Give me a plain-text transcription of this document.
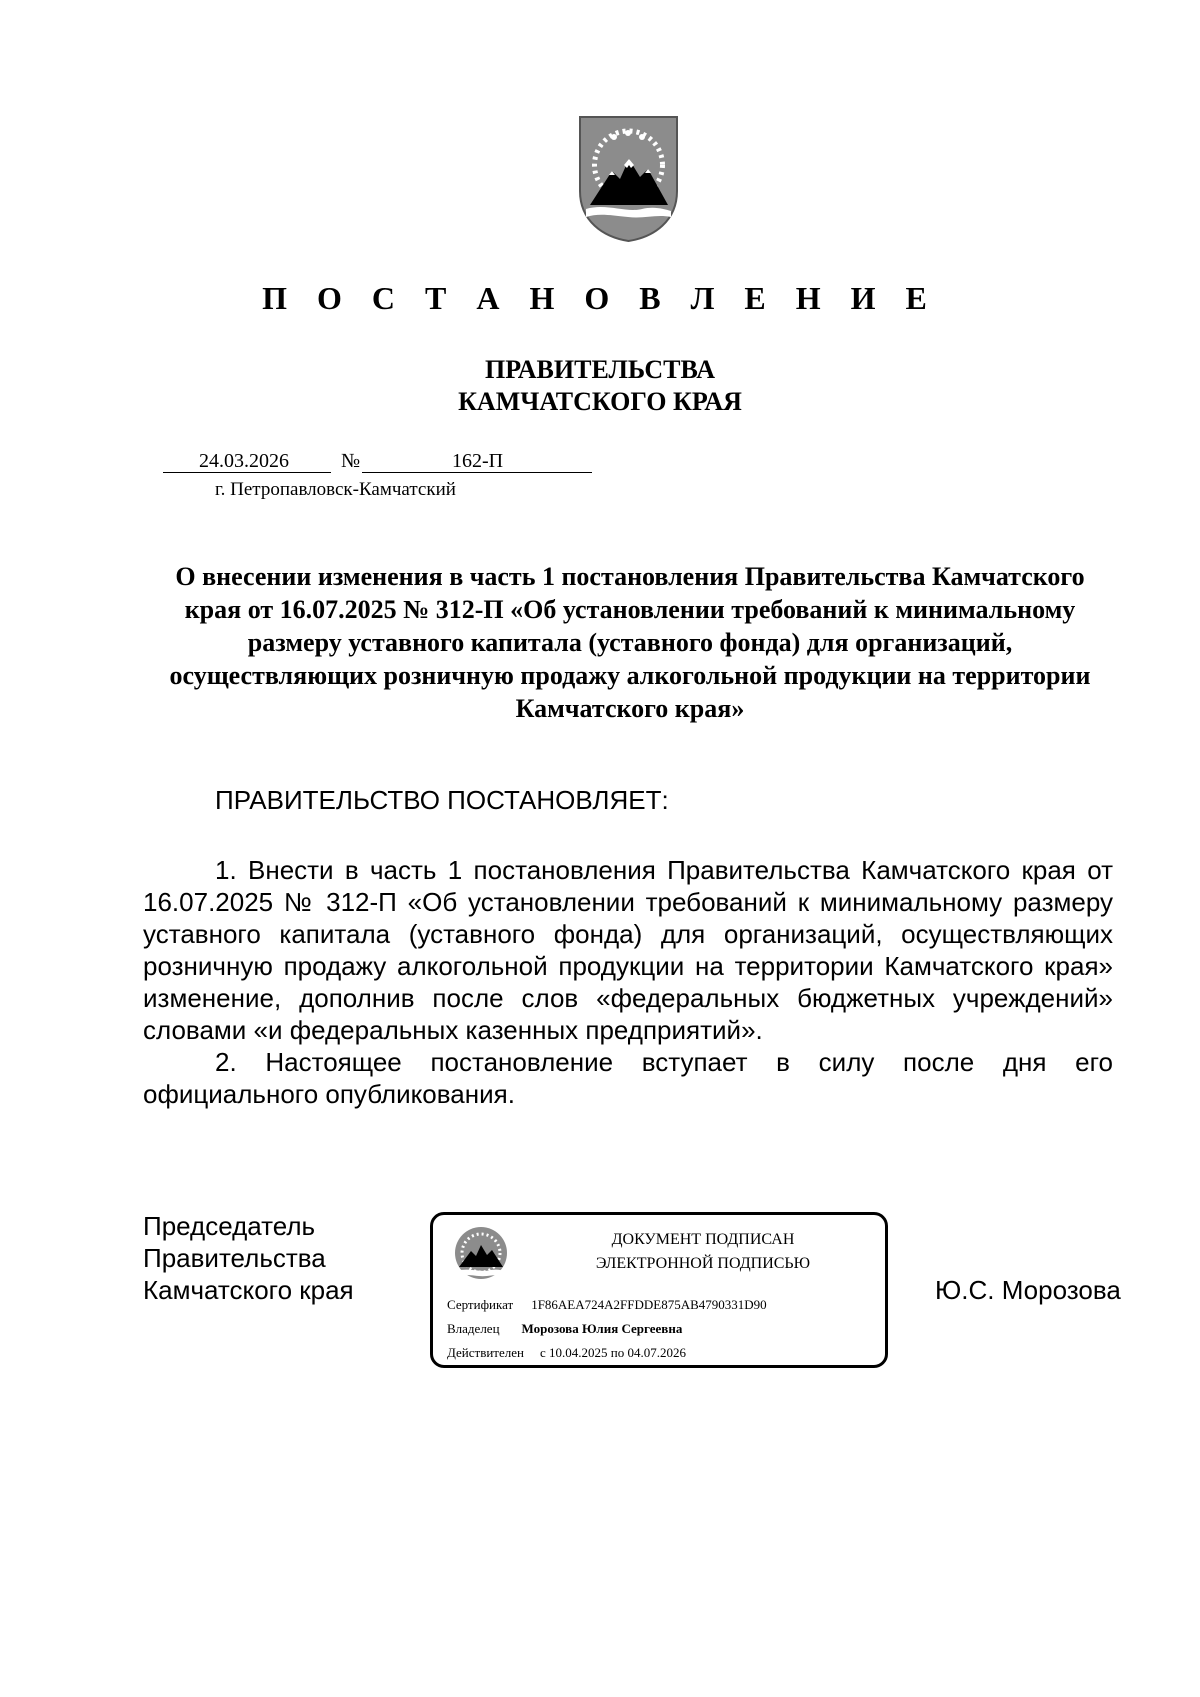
П О С Т А Н О В Л Е Н И Е
ПРАВИТЕЛЬСТВА
КАМЧАТСКОГО КРАЯ
24.03.2026	№	162-П
г. Петропавловск-Камчатский
О внесении изменения в часть 1 постановления Правительства Камчатского края от 16.07.2025 № 312-П «Об установлении требований к минимальному размеру уставного капитала (уставного фонда) для организаций, осуществляющих розничную продажу алкогольной продукции на территории Камчатского края»
ПРАВИТЕЛЬСТВО ПОСТАНОВЛЯЕТ:
1. Внести в часть 1 постановления Правительства Камчатского края от 16.07.2025 № 312-П «Об установлении требований к минимальному размеру уставного капитала (уставного фонда) для организаций, осуществляющих розничную продажу алкогольной продукции на территории Камчатского края» изменение, дополнив после слов «федеральных бюджетных учреждений» словами «и федеральных казенных предприятий».
2. Настоящее постановление вступает в силу после дня его официального опубликования.
Председатель
Правительства
Камчатского края
ДОКУМЕНТ ПОДПИСАН
ЭЛЕКТРОННОЙ ПОДПИСЬЮ
Сертификат 1F86AEA724A2FFDDE875AB4790331D90
Владелец Морозова Юлия Сергеевна
Действителен с 10.04.2025 по 04.07.2026
Ю.С. Морозова
